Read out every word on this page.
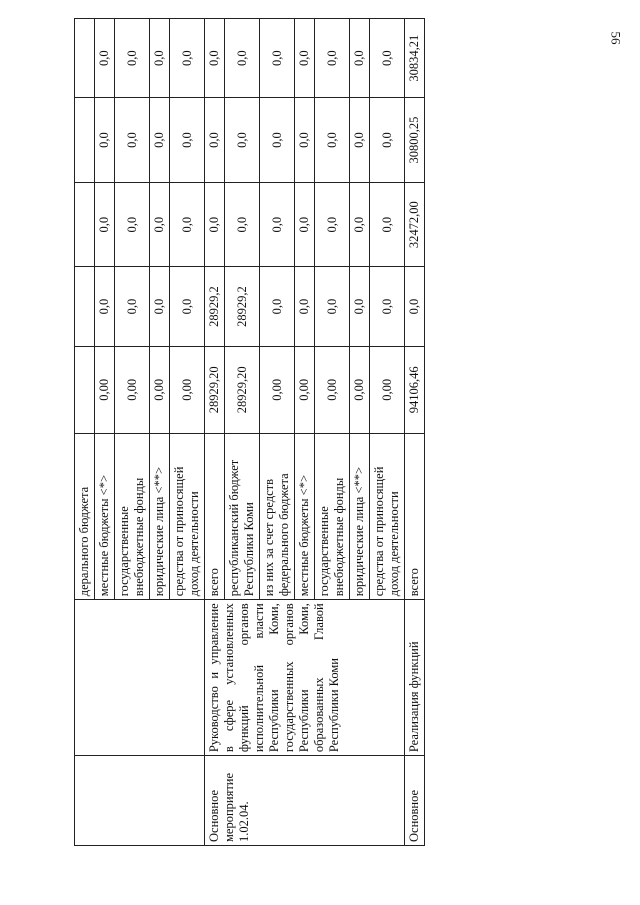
56
		дерального бюджета					
		местные бюджеты <*>	0,00	0,0	0,0	0,0	0,0
		государственные внебюджетные фонды	0,00	0,0	0,0	0,0	0,0
		юридические лица <**>	0,00	0,0	0,0	0,0	0,0
		средства от приносящей доход деятельности	0,00	0,0	0,0	0,0	0,0
Основное мероприятие 1.02.04.	Руководство и управление в сфере установленных функций органов исполнительной власти Республики Коми, государственных органов Республики Коми, образованных Главой Республики Коми	всего	28929,20	28929,2	0,0	0,0	0,0
		республиканский бюджет Республики Коми	28929,20	28929,2	0,0	0,0	0,0
		из них за счет средств федерального бюджета	0,00	0,0	0,0	0,0	0,0
		местные бюджеты <*>	0,00	0,0	0,0	0,0	0,0
		государственные внебюджетные фонды	0,00	0,0	0,0	0,0	0,0
		юридические лица <**>	0,00	0,0	0,0	0,0	0,0
		средства от приносящей доход деятельности	0,00	0,0	0,0	0,0	0,0
Основное	Реализация функций	всего	94106,46	0,0	32472,00	30800,25	30834,21
